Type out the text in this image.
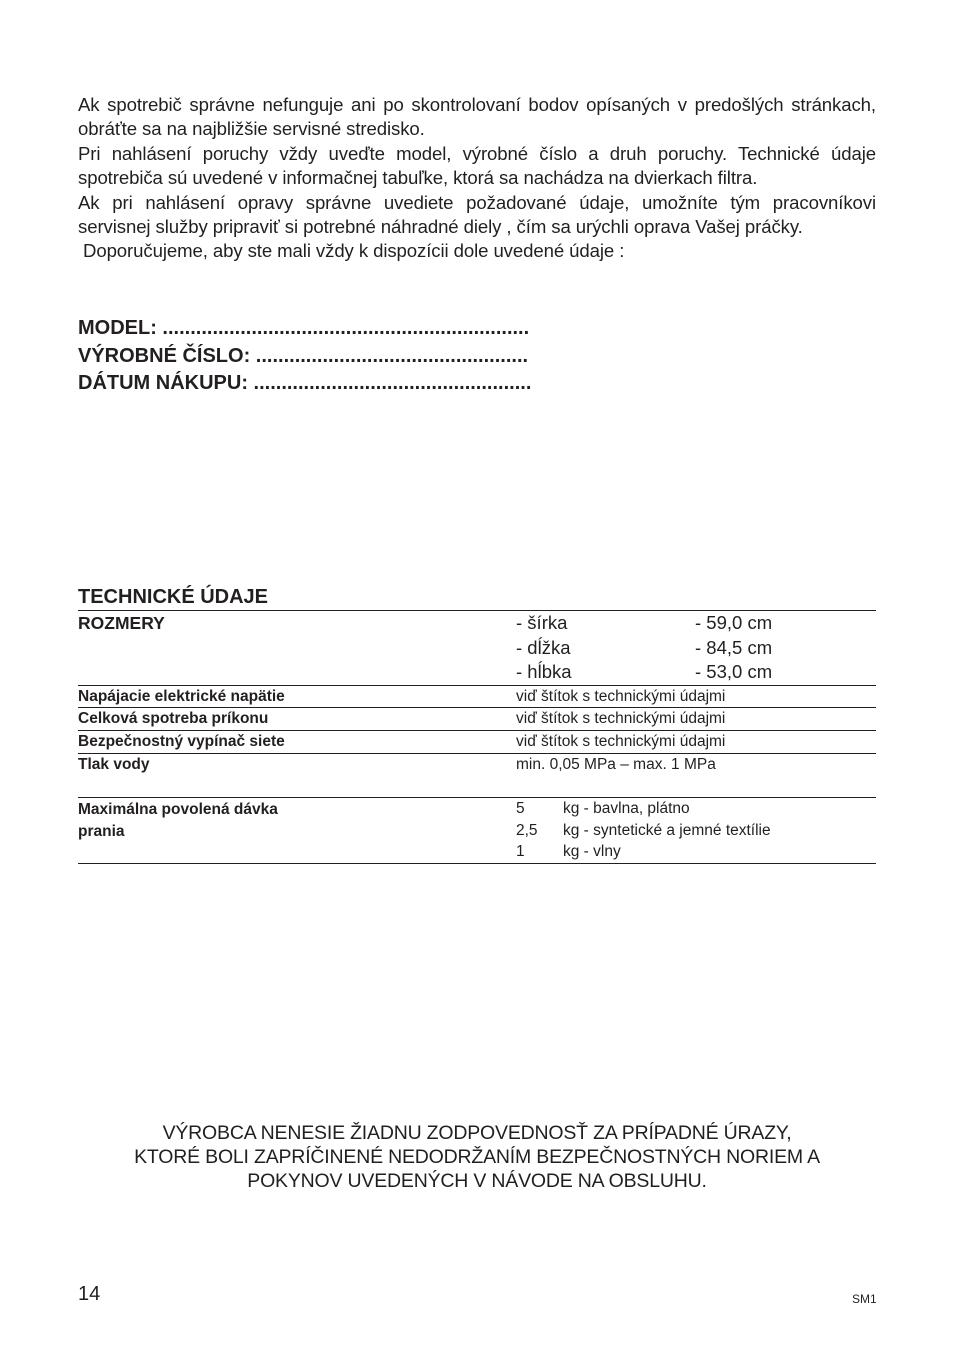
Ak spotrebič správne nefunguje ani po skontrolovaní bodov opísaných v predošlých stránkach, obráťte sa na najbližšie servisné stredisko.

Pri nahlásení poruchy vždy uveďte model, výrobné číslo a druh poruchy. Technické údaje spotrebiča sú uvedené v informačnej tabuľke, ktorá sa nachádza na dvierkach filtra.

Ak pri nahlásení opravy správne uvediete požadované údaje, umožníte tým pracovníkovi servisnej služby pripraviť si potrebné náhradné diely , čím sa urýchli oprava Vašej práčky.

Doporučujeme, aby ste mali vždy k dispozícii dole uvedené údaje :

MODEL: ..................................................................
VÝROBNÉ ČÍSLO: .................................................
DÁTUM NÁKUPU: ..................................................
TECHNICKÉ ÚDAJE
ROZMERY	- šírka	- 59,0 cm
- dĺžka	- 84,5 cm
- hĺbka	- 53,0 cm
Napájacie elektrické napätie	viď štítok s technickými údajmi
Celková spotreba príkonu	viď štítok s technickými údajmi
Bezpečnostný vypínač siete	viď štítok s technickými údajmi
Tlak vody	min. 0,05 MPa – max. 1 MPa
Maximálna povolená dávka
prania
5	kg - bavlna, plátno
2,5	kg - syntetické a jemné textílie
1	kg - vlny
VÝROBCA NENESIE ŽIADNU ZODPOVEDNOSŤ ZA PRÍPADNÉ ÚRAZY,
KTORÉ BOLI ZAPRÍČINENÉ NEDODRŽANÍM BEZPEČNOSTNÝCH NORIEM A
POKYNOV UVEDENÝCH V NÁVODE NA OBSLUHU.
14	SM1
